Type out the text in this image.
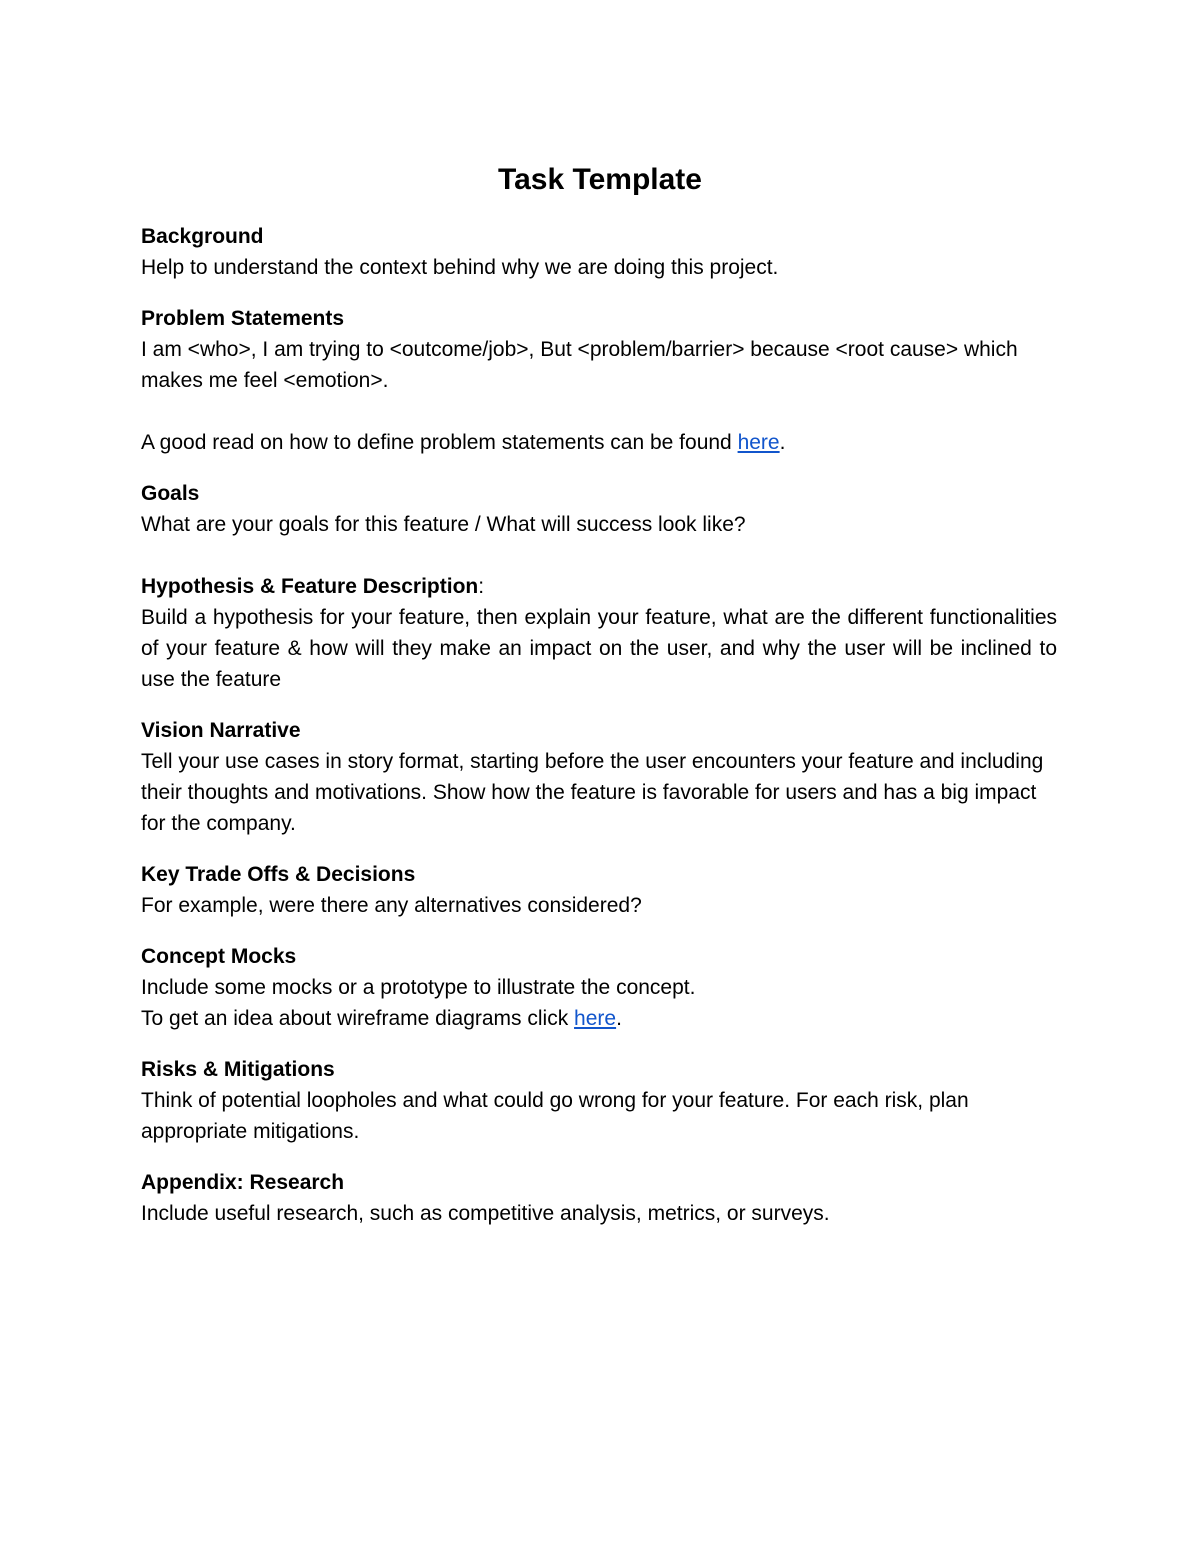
Task Template

Background

Help to understand the context behind why we are doing this project.

Problem Statements

I am <who>, I am trying to <outcome/job>, But <problem/barrier> because <root cause> which makes me feel <emotion>.

A good read on how to define problem statements can be found here.

Goals

What are your goals for this feature / What will success look like?

Hypothesis & Feature Description:

Build a hypothesis for your feature, then explain your feature, what are the different functionalities of your feature & how will they make an impact on the user, and why the user will be inclined to use the feature

Vision Narrative

Tell your use cases in story format, starting before the user encounters your feature and including their thoughts and motivations. Show how the feature is favorable for users and has a big impact for the company.

Key Trade Offs & Decisions

For example, were there any alternatives considered?

Concept Mocks

Include some mocks or a prototype to illustrate the concept.

To get an idea about wireframe diagrams click here.

Risks & Mitigations

Think of potential loopholes and what could go wrong for your feature. For each risk, plan appropriate mitigations.

Appendix: Research

Include useful research, such as competitive analysis, metrics, or surveys.
